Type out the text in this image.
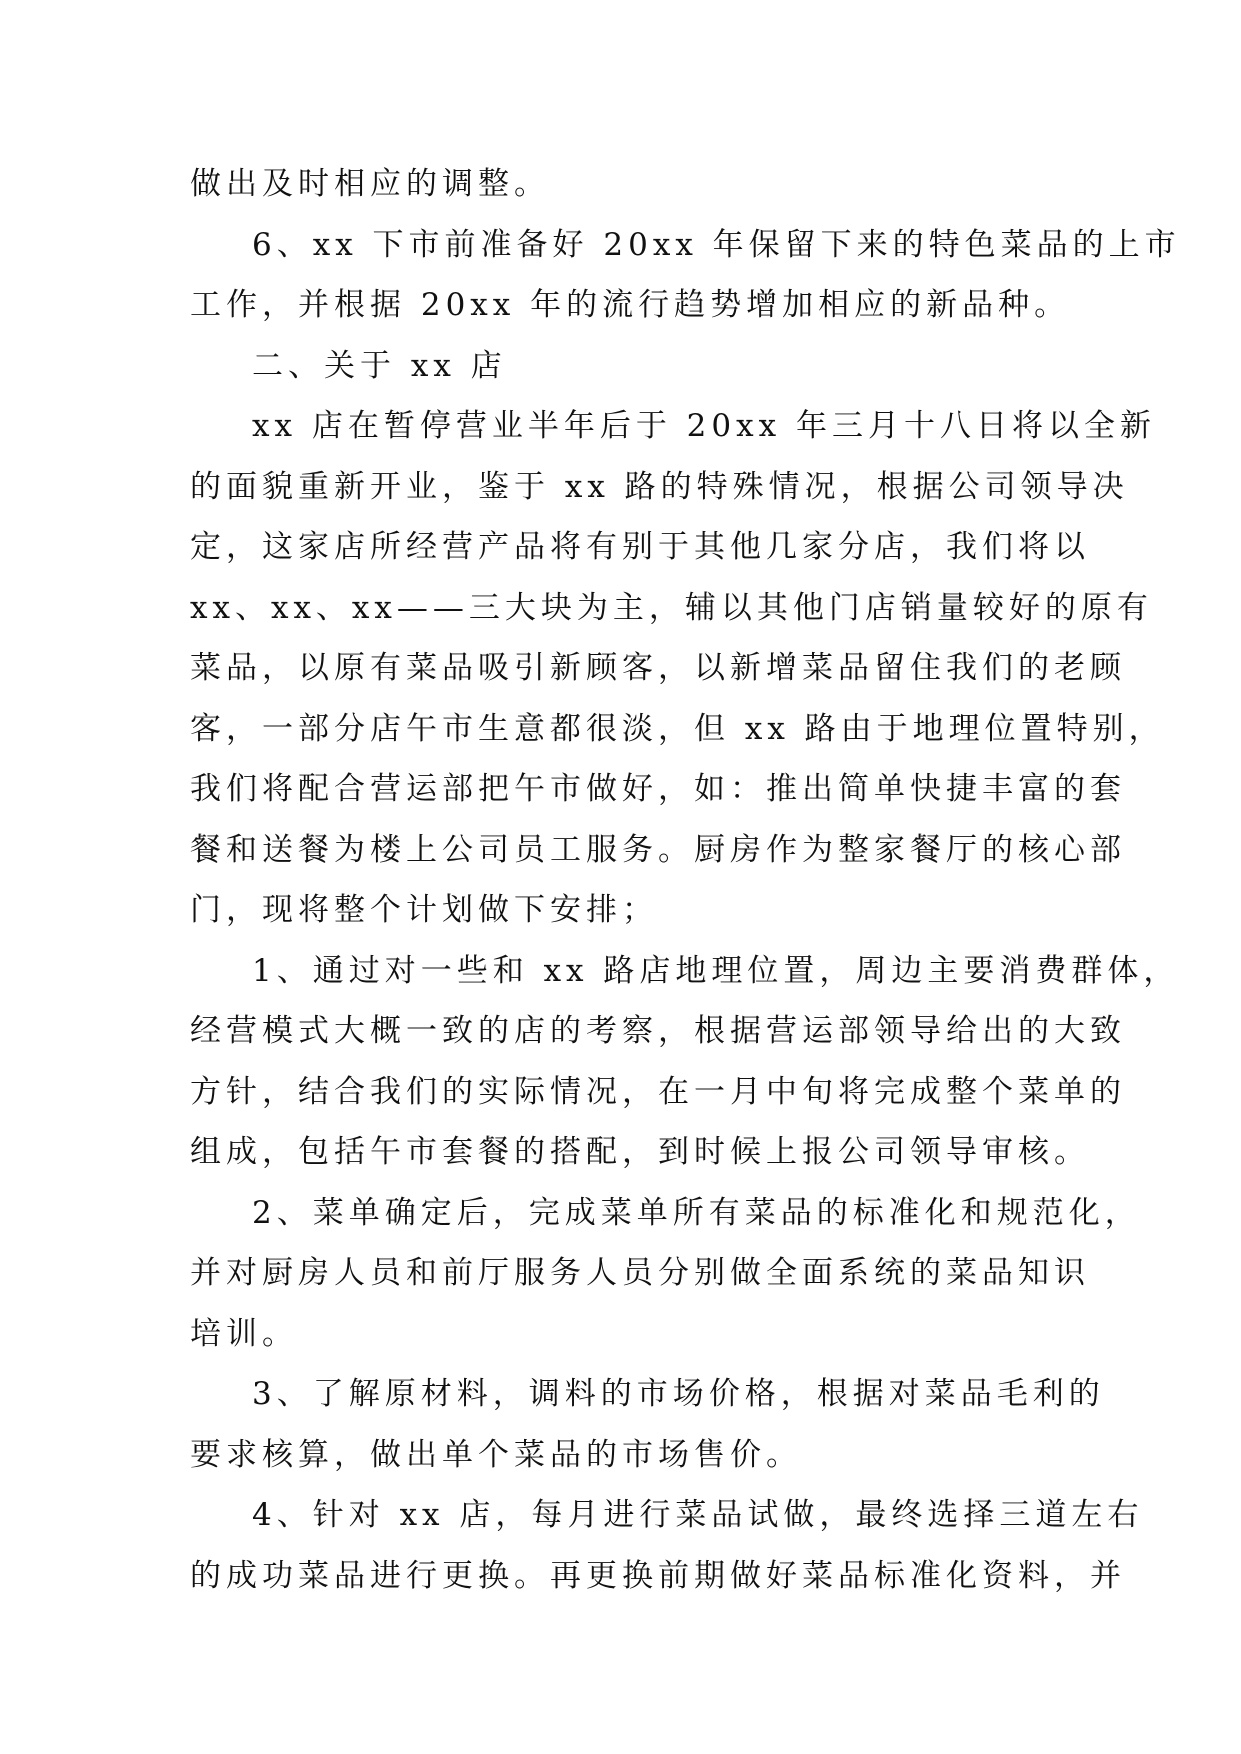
做出及时相应的调整。
6、xx 下市前准备好 20xx 年保留下来的特色菜品的上市
工作，并根据 20xx 年的流行趋势增加相应的新品种。
二、关于 xx 店
xx 店在暂停营业半年后于 20xx 年三月十八日将以全新
的面貌重新开业，鉴于 xx 路的特殊情况，根据公司领导决
定，这家店所经营产品将有别于其他几家分店，我们将以
xx、xx、xx——三大块为主，辅以其他门店销量较好的原有
菜品，以原有菜品吸引新顾客，以新增菜品留住我们的老顾
客，一部分店午市生意都很淡，但 xx 路由于地理位置特别，
我们将配合营运部把午市做好，如：推出简单快捷丰富的套
餐和送餐为楼上公司员工服务。厨房作为整家餐厅的核心部
门，现将整个计划做下安排；
1、通过对一些和 xx 路店地理位置，周边主要消费群体，
经营模式大概一致的店的考察，根据营运部领导给出的大致
方针，结合我们的实际情况，在一月中旬将完成整个菜单的
组成，包括午市套餐的搭配，到时候上报公司领导审核。
2、菜单确定后，完成菜单所有菜品的标准化和规范化，
并对厨房人员和前厅服务人员分别做全面系统的菜品知识
培训。
3、了解原材料，调料的市场价格，根据对菜品毛利的
要求核算，做出单个菜品的市场售价。
4、针对 xx 店，每月进行菜品试做，最终选择三道左右
的成功菜品进行更换。再更换前期做好菜品标准化资料，并
